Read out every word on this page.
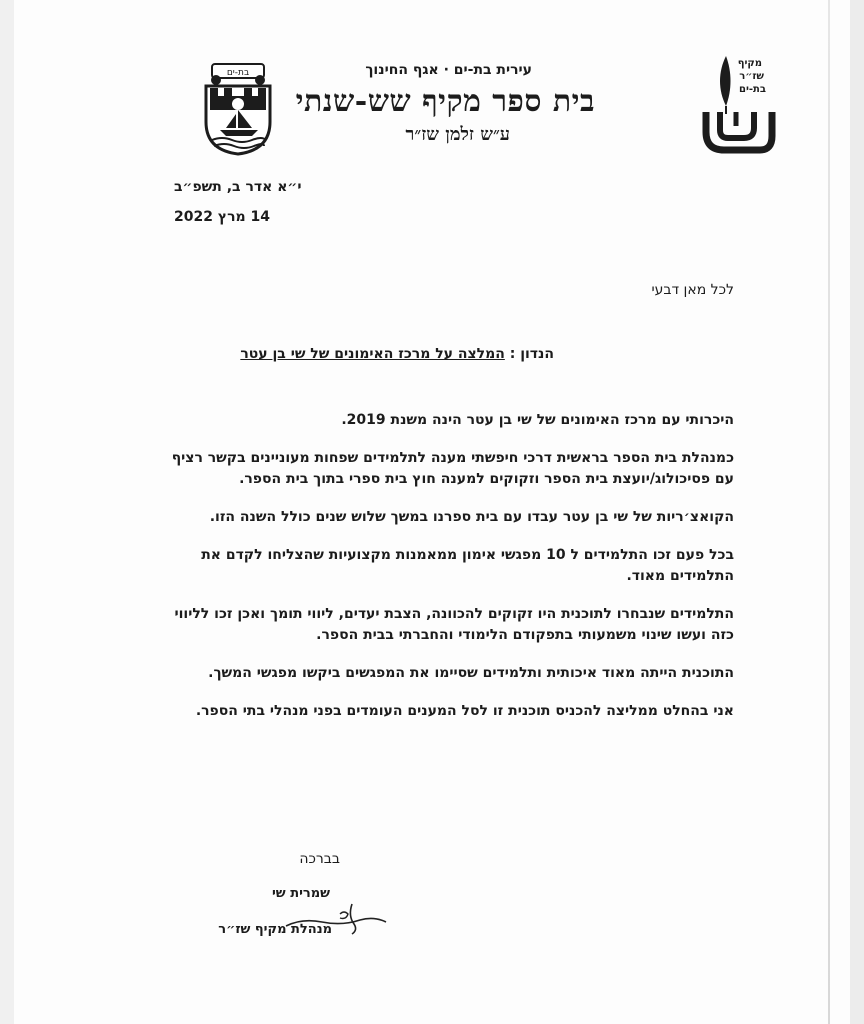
מקיף
שז״ר
בת-ים
עירית בת-ים · אגף החינוך
בית ספר מקיף שש-שנתי
ע״ש זלמן שז״ר
בת-ים
י״א אדר ב, תשפ״ב
14 מרץ 2022
לכל מאן דבעי
הנדון : המלצה על מרכז האימונים של שי בן עטר

היכרותי עם מרכז האימונים של שי בן עטר הינה משנת 2019.

כמנהלת בית הספר בראשית דרכי חיפשתי מענה לתלמידים שפחות מעוניינים בקשר רציף עם פסיכולוג/יועצת בית הספר וזקוקים למענה חוץ בית ספרי בתוך בית הספר.

הקואצ׳ריות של שי בן עטר עבדו עם בית ספרנו במשך שלוש שנים כולל השנה הזו.

בכל פעם זכו התלמידים ל 10 מפגשי אימון ממאמנות מקצועיות שהצליחו לקדם את התלמידים מאוד.

התלמידים שנבחרו לתוכנית היו זקוקים להכוונה, הצבת יעדים, ליווי תומך ואכן זכו לליווי כזה ועשו שינוי משמעותי בתפקודם הלימודי והחברתי בבית הספר.

התוכנית הייתה מאוד איכותית ותלמידים שסיימו את המפגשים ביקשו מפגשי המשך.

אני בהחלט ממליצה להכניס תוכנית זו לסל המענים העומדים בפני מנהלי בתי הספר.

בברכה
שמרית שי
מנהלת מקיף שז״ר
